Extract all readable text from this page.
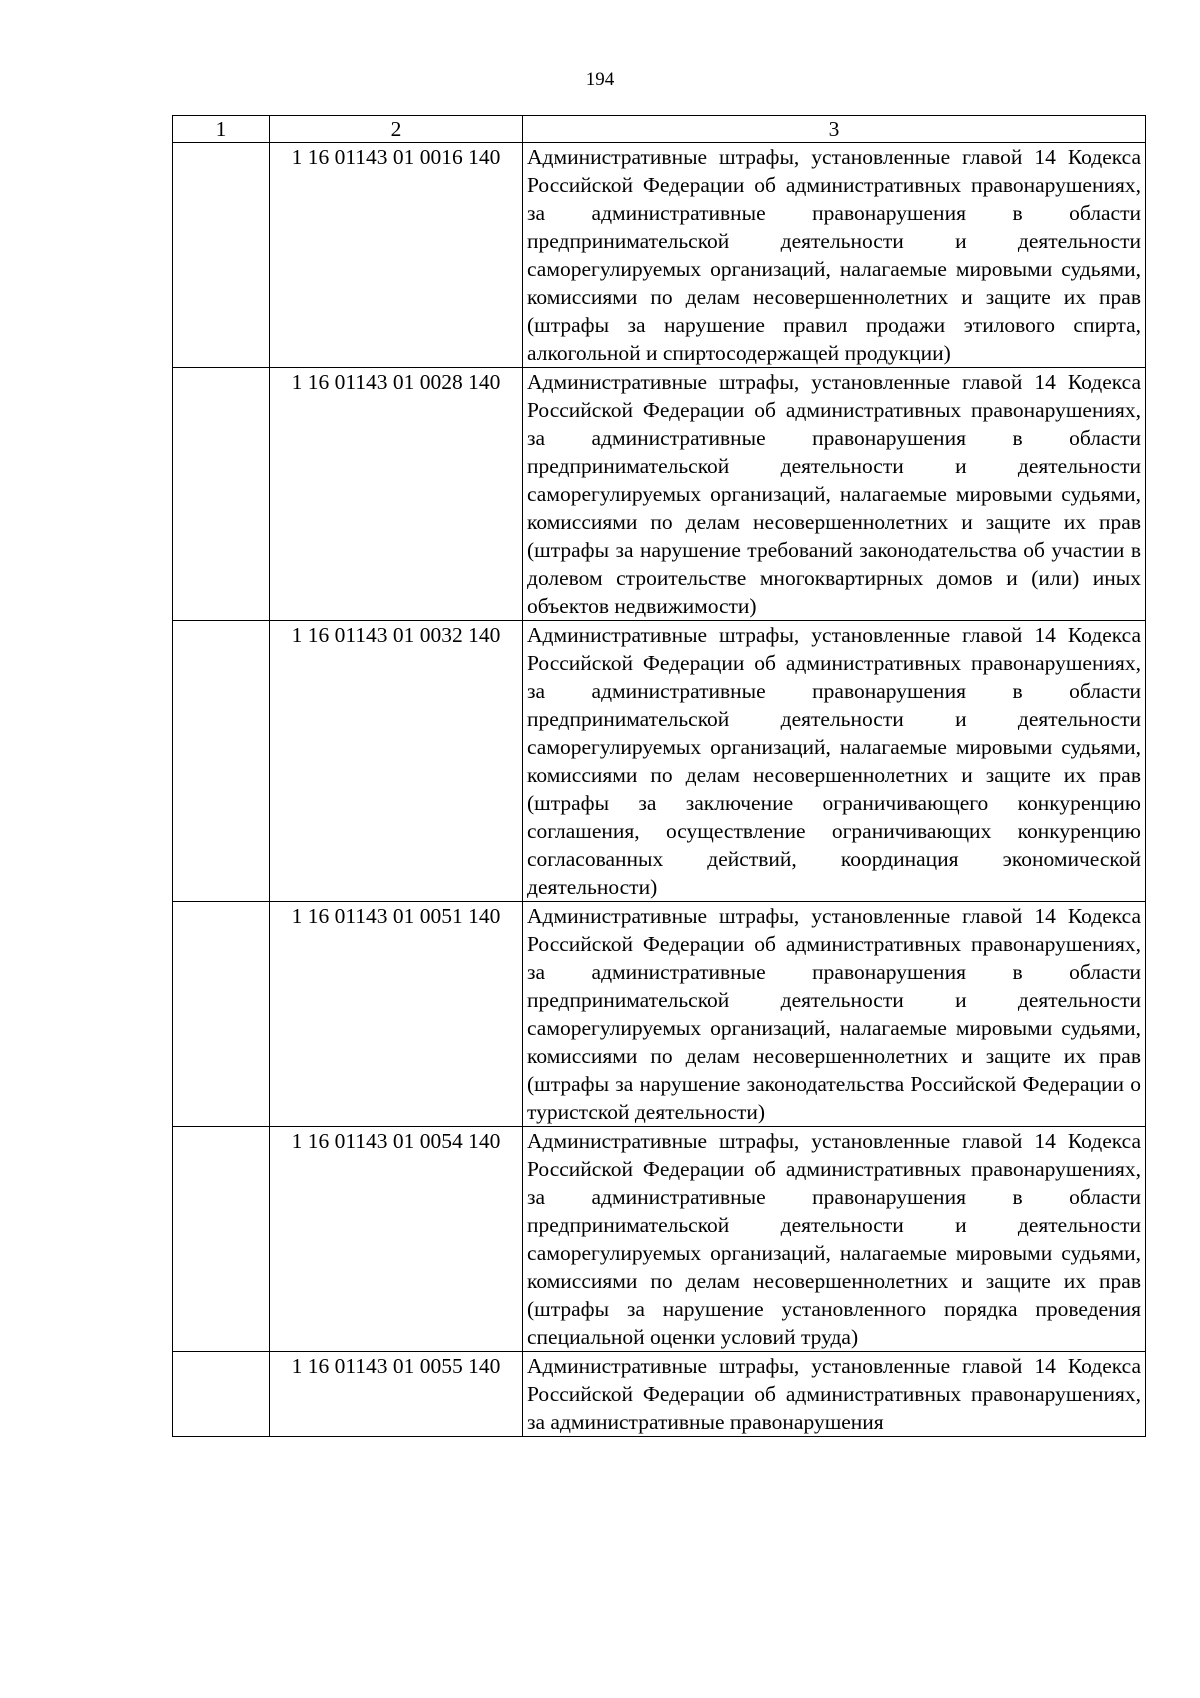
194
1	2	3
	1 16 01143 01 0016 140	Административные штрафы, установленные главой 14 Кодекса Российской Федерации об административных правонарушениях, за административные правонарушения в области предпринимательской деятельности и деятельности саморегулируемых организаций, налагаемые мировыми судьями, комиссиями по делам несовершеннолетних и защите их прав (штрафы за нарушение правил продажи этилового спирта, алкогольной и спиртосодержащей продукции)
	1 16 01143 01 0028 140	Административные штрафы, установленные главой 14 Кодекса Российской Федерации об административных правонарушениях, за административные правонарушения в области предпринимательской деятельности и деятельности саморегулируемых организаций, налагаемые мировыми судьями, комиссиями по делам несовершеннолетних и защите их прав (штрафы за нарушение требований законодательства об участии в долевом строительстве многоквартирных домов и (или) иных объектов недвижимости)
	1 16 01143 01 0032 140	Административные штрафы, установленные главой 14 Кодекса Российской Федерации об административных правонарушениях, за административные правонарушения в области предпринимательской деятельности и деятельности саморегулируемых организаций, налагаемые мировыми судьями, комиссиями по делам несовершеннолетних и защите их прав (штрафы за заключение ограничивающего конкуренцию соглашения, осуществление ограничивающих конкуренцию согласованных действий, координация экономической деятельности)
	1 16 01143 01 0051 140	Административные штрафы, установленные главой 14 Кодекса Российской Федерации об административных правонарушениях, за административные правонарушения в области предпринимательской деятельности и деятельности саморегулируемых организаций, налагаемые мировыми судьями, комиссиями по делам несовершеннолетних и защите их прав (штрафы за нарушение законодательства Российской Федерации о туристской деятельности)
	1 16 01143 01 0054 140	Административные штрафы, установленные главой 14 Кодекса Российской Федерации об административных правонарушениях, за административные правонарушения в области предпринимательской деятельности и деятельности саморегулируемых организаций, налагаемые мировыми судьями, комиссиями по делам несовершеннолетних и защите их прав (штрафы за нарушение установленного порядка проведения специальной оценки условий труда)
	1 16 01143 01 0055 140	Административные штрафы, установленные главой 14 Кодекса Российской Федерации об административных правонарушениях, за административные правонарушения
